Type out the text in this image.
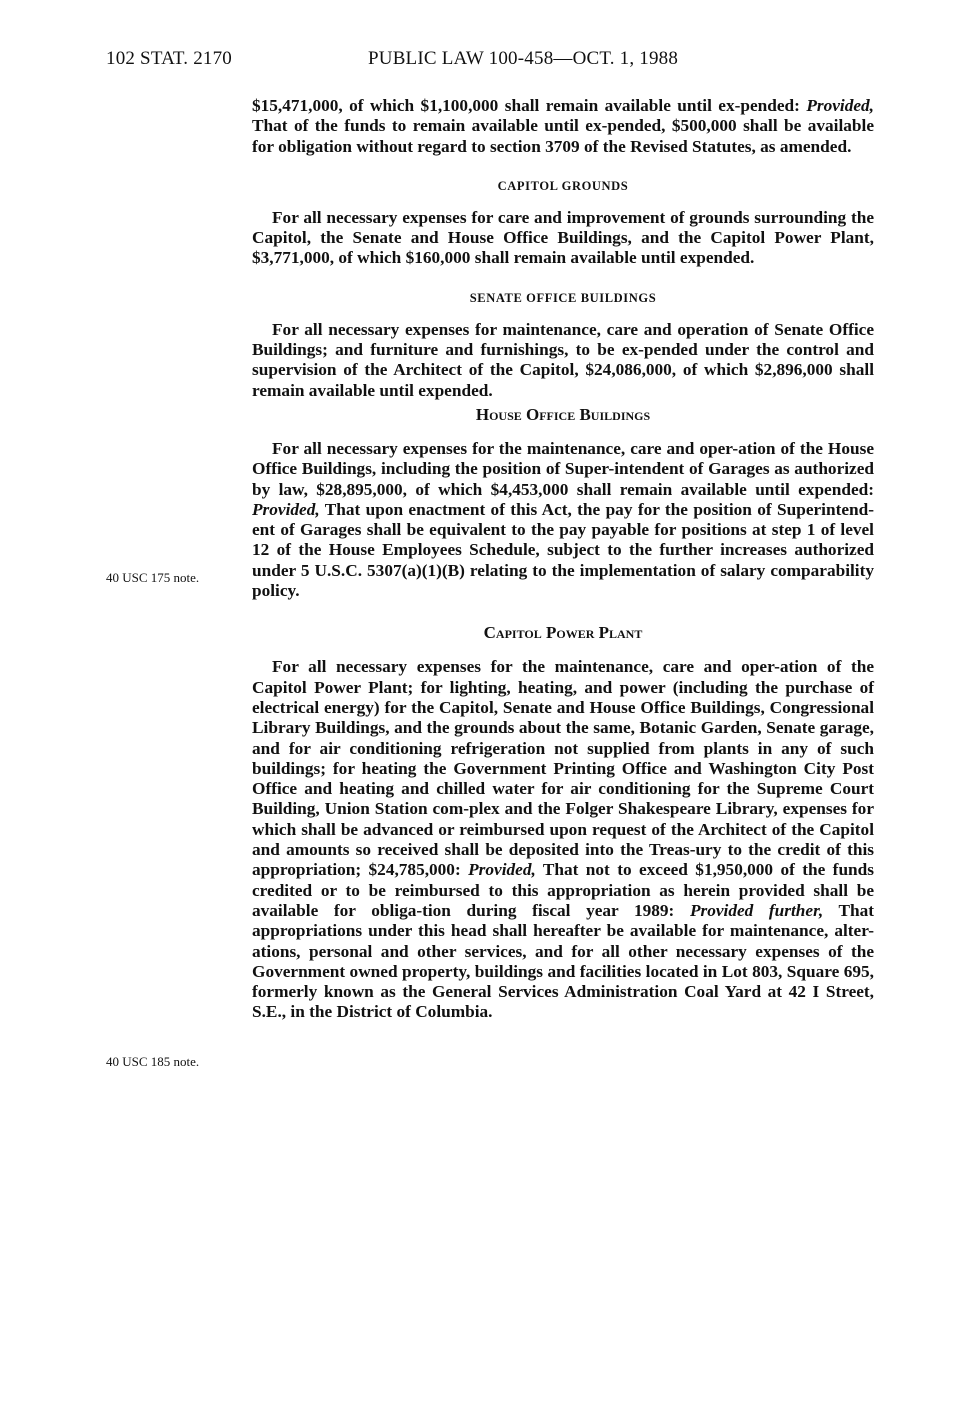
102 STAT. 2170	PUBLIC LAW 100-458—OCT. 1, 1988
40 USC 175 note.
40 USC 185 note.

$15,471,000, of which $1,100,000 shall remain available until ex-pended: Provided, That of the funds to remain available until ex-pended, $500,000 shall be available for obligation without regard to section 3709 of the Revised Statutes, as amended.

CAPITOL GROUNDS

For all necessary expenses for care and improvement of grounds surrounding the Capitol, the Senate and House Office Buildings, and the Capitol Power Plant, $3,771,000, of which $160,000 shall remain available until expended.

SENATE OFFICE BUILDINGS

For all necessary expenses for maintenance, care and operation of Senate Office Buildings; and furniture and furnishings, to be ex-pended under the control and supervision of the Architect of the Capitol, $24,086,000, of which $2,896,000 shall remain available until expended.

House Office Buildings

For all necessary expenses for the maintenance, care and oper-ation of the House Office Buildings, including the position of Super-intendent of Garages as authorized by law, $28,895,000, of which $4,453,000 shall remain available until expended: Provided, That upon enactment of this Act, the pay for the position of Superintend-ent of Garages shall be equivalent to the pay payable for positions at step 1 of level 12 of the House Employees Schedule, subject to the further increases authorized under 5 U.S.C. 5307(a)(1)(B) relating to the implementation of salary comparability policy.

Capitol Power Plant

For all necessary expenses for the maintenance, care and oper-ation of the Capitol Power Plant; for lighting, heating, and power (including the purchase of electrical energy) for the Capitol, Senate and House Office Buildings, Congressional Library Buildings, and the grounds about the same, Botanic Garden, Senate garage, and for air conditioning refrigeration not supplied from plants in any of such buildings; for heating the Government Printing Office and Washington City Post Office and heating and chilled water for air conditioning for the Supreme Court Building, Union Station com-plex and the Folger Shakespeare Library, expenses for which shall be advanced or reimbursed upon request of the Architect of the Capitol and amounts so received shall be deposited into the Treas-ury to the credit of this appropriation; $24,785,000: Provided, That not to exceed $1,950,000 of the funds credited or to be reimbursed to this appropriation as herein provided shall be available for obliga-tion during fiscal year 1989: Provided further, That appropriations under this head shall hereafter be available for maintenance, alter-ations, personal and other services, and for all other necessary expenses of the Government owned property, buildings and facilities located in Lot 803, Square 695, formerly known as the General Services Administration Coal Yard at 42 I Street, S.E., in the District of Columbia.
